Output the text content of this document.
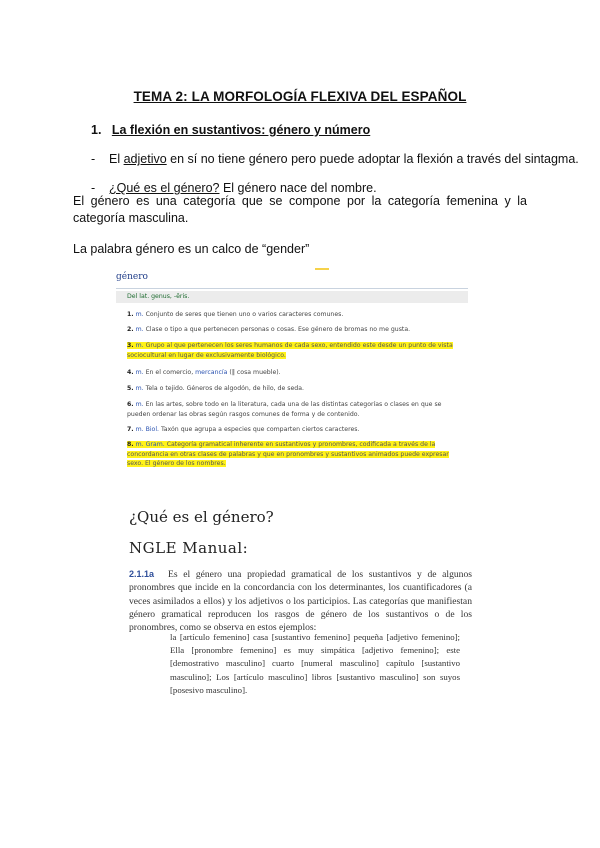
TEMA 2: LA MORFOLOGÍA FLEXIVA DEL ESPAÑOL
1. La flexión en sustantivos: género y número
- El adjetivo en sí no tiene género pero puede adoptar la flexión a través del sintagma.
- ¿Qué es el género? El género nace del nombre.
El género es una categoría que se compone por la categoría femenina y la categoría masculina.
La palabra género es un calco de “gender”
género
Del lat. genus, -ĕris.
1. m. Conjunto de seres que tienen uno o varios caracteres comunes.
2. m. Clase o tipo a que pertenecen personas o cosas. Ese género de bromas no me gusta.
3. m. Grupo al que pertenecen los seres humanos de cada sexo, entendido este desde un punto de vista sociocultural en lugar de exclusivamente biológico.
4. m. En el comercio, mercancía (‖ cosa mueble).
5. m. Tela o tejido. Géneros de algodón, de hilo, de seda.
6. m. En las artes, sobre todo en la literatura, cada una de las distintas categorías o clases en que se pueden ordenar las obras según rasgos comunes de forma y de contenido.
7. m. Biol. Taxón que agrupa a especies que comparten ciertos caracteres.
8. m. Gram. Categoría gramatical inherente en sustantivos y pronombres, codificada a través de la concordancia en otras clases de palabras y que en pronombres y sustantivos animados puede expresar sexo. El género de los nombres.
¿Qué es el género?
NGLE Manual:
2.1.1a Es el género una propiedad gramatical de los sustantivos y de algunos pronombres que incide en la concordancia con los determinantes, los cuantificadores (a veces asimilados a ellos) y los adjetivos o los participios. Las categorías que manifiestan género gramatical reproducen los rasgos de género de los sustantivos o de los pronombres, como se observa en estos ejemplos:
la [artículo femenino] casa [sustantivo femenino] pequeña [adjetivo femenino]; Ella [pronombre femenino] es muy simpática [adjetivo femenino]; este [demostrativo masculino] cuarto [numeral masculino] capítulo [sustantivo masculino]; Los [artículo masculino] libros [sustantivo masculino] son suyos [posesivo masculino].
